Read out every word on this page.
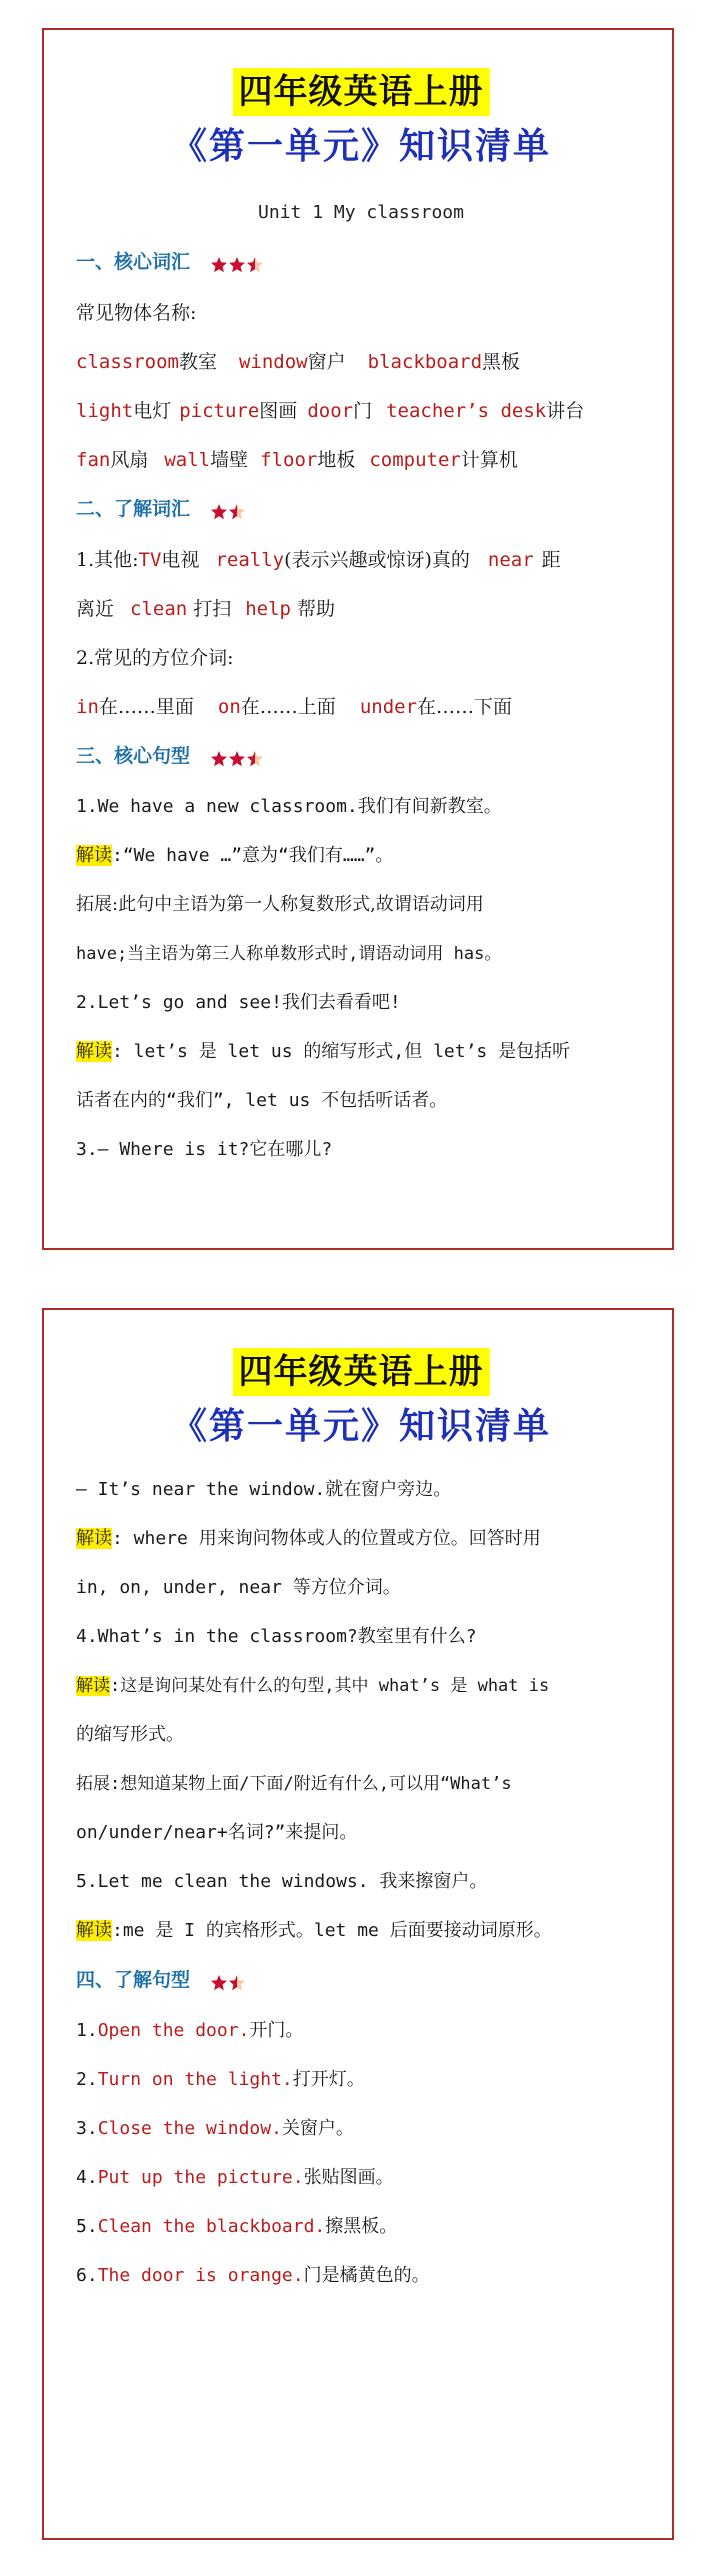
四年级英语上册
《第一单元》知识清单
Unit 1 My classroom
一、核心词汇
常见物体名称:
classroom教室 window窗户 blackboard黑板
light电灯 picture图画 door门 teacher’s desk讲台
fan风扇 wall墙壁 floor地板 computer计算机
二、了解词汇
1.其他:TV电视 really(表示兴趣或惊讶)真的 near 距
离近 clean 打扫 help 帮助
2.常见的方位介词:
in在……里面 on在……上面 under在……下面
三、核心句型
1.We have a new classroom.我们有间新教室。
解读:“We have …”意为“我们有……”。
拓展:此句中主语为第一人称复数形式,故谓语动词用
have;当主语为第三人称单数形式时,谓语动词用 has。
2.Let’s go and see!我们去看看吧!
解读: let’s 是 let us 的缩写形式,但 let’s 是包括听
话者在内的“我们”, let us 不包括听话者。
3.— Where is it?它在哪儿?
四年级英语上册
《第一单元》知识清单
— It’s near the window.就在窗户旁边。
解读: where 用来询问物体或人的位置或方位。回答时用
in, on, under, near 等方位介词。
4.What’s in the classroom?教室里有什么?
解读:这是询问某处有什么的句型,其中 what’s 是 what is
的缩写形式。
拓展:想知道某物上面/下面/附近有什么,可以用“What’s
on/under/near+名词?”来提问。
5.Let me clean the windows. 我来擦窗户。
解读:me 是 I 的宾格形式。let me 后面要接动词原形。
四、了解句型
1.Open the door.开门。
2.Turn on the light.打开灯。
3.Close the window.关窗户。
4.Put up the picture.张贴图画。
5.Clean the blackboard.擦黑板。
6.The door is orange.门是橘黄色的。
